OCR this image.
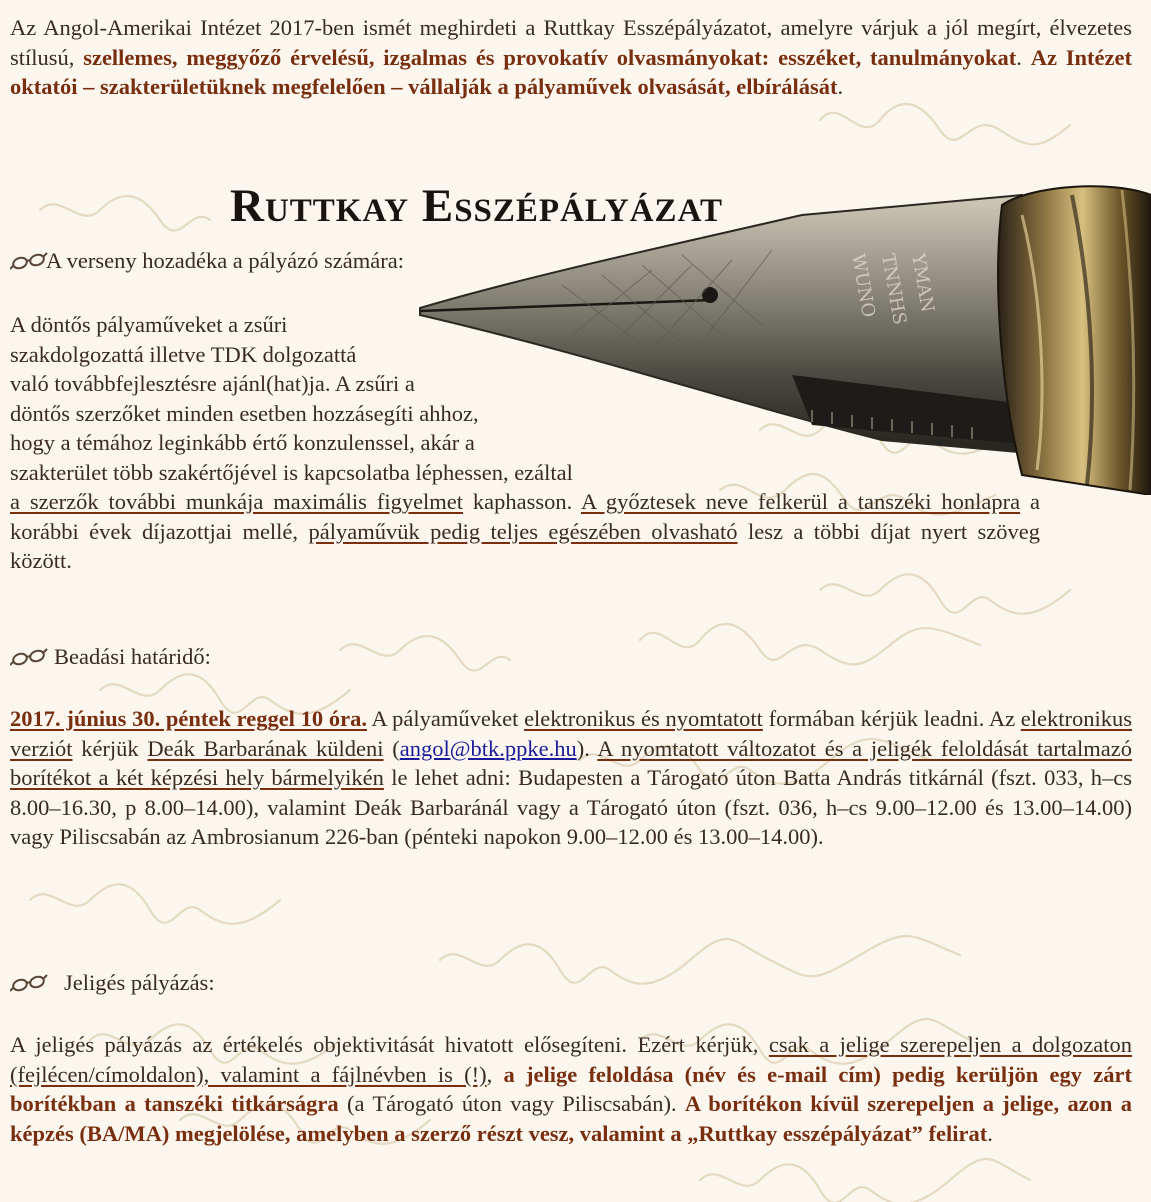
WUNO
TNNHS
YMAN

Az Angol-Amerikai Intézet 2017-ben ismét meghirdeti a Ruttkay Esszépályázatot, amelyre várjuk a jól megírt, élvezetes stílusú, szellemes, meggyőző érvelésű, izgalmas és provokatív olvasmányokat: esszéket, tanulmányokat. Az Intézet oktatói – szakterületüknek megfelelően – vállalják a pályaművek olvasását, elbírálását.

Ruttkay Esszépályázat
A verseny hozadéka a pályázó számára:
A döntős pályaműveket a zsűri
szakdolgozattá illetve TDK dolgozattá
való továbbfejlesztésre ajánl(hat)ja. A zsűri a
döntős szerzőket minden esetben hozzásegíti ahhoz,
hogy a témához leginkább értő konzulenssel, akár a
szakterület több szakértőjével is kapcsolatba léphessen, ezáltal

a szerzők további munkája maximális figyelmet kaphasson. A győztesek neve felkerül a tanszéki honlapra a korábbi évek díjazottjai mellé, pályaművük pedig teljes egészében olvasható lesz a többi díjat nyert szöveg között.

Beadási határidő:

2017. június 30. péntek reggel 10 óra. A pályaműveket elektronikus és nyomtatott formában kérjük leadni. Az elektronikus verziót kérjük Deák Barbarának küldeni (angol@btk.ppke.hu). A nyomtatott változatot és a jeligék feloldását tartalmazó borítékot a két képzési hely bármelyikén le lehet adni: Budapesten a Tárogató úton Batta András titkárnál (fszt. 033, h–cs 8.00–16.30, p 8.00–14.00), valamint Deák Barbaránál vagy a Tárogató úton (fszt. 036, h–cs 9.00–12.00 és 13.00–14.00) vagy Piliscsabán az Ambrosianum 226-ban (pénteki napokon 9.00–12.00 és 13.00–14.00).

Jeligés pályázás:

A jeligés pályázás az értékelés objektivitását hivatott elősegíteni. Ezért kérjük, csak a jelige szerepeljen a dolgozaton (fejlécen/címoldalon), valamint a fájlnévben is (!), a jelige feloldása (név és e-mail cím) pedig kerüljön egy zárt borítékban a tanszéki titkárságra (a Tárogató úton vagy Piliscsabán). A borítékon kívül szerepeljen a jelige, azon a képzés (BA/MA) megjelölése, amelyben a szerző részt vesz, valamint a „Ruttkay esszépályázat” felirat.
